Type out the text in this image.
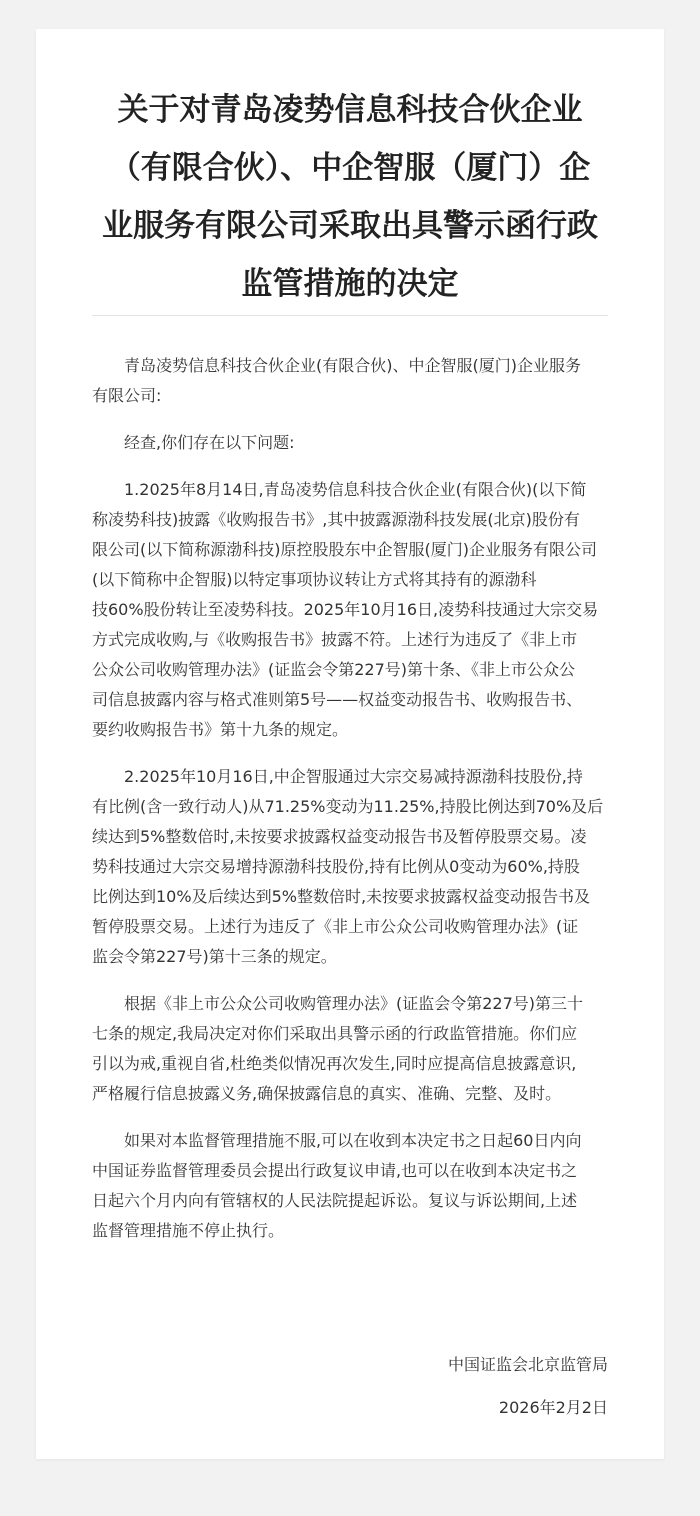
关于对青岛凌势信息科技合伙企业
（有限合伙）、中企智服（厦门）企
业服务有限公司采取出具警示函行政
监管措施的决定

青岛凌势信息科技合伙企业(有限合伙)、中企智服(厦门)企业服务
有限公司:

经查,你们存在以下问题:

1.2025年8月14日,青岛凌势信息科技合伙企业(有限合伙)(以下简
称凌势科技)披露《收购报告书》,其中披露源渤科技发展(北京)股份有
限公司(以下简称源渤科技)原控股股东中企智服(厦门)企业服务有限公司
(以下简称中企智服)以特定事项协议转让方式将其持有的源渤科
技60%股份转让至凌势科技。2025年10月16日,凌势科技通过大宗交易
方式完成收购,与《收购报告书》披露不符。上述行为违反了《非上市
公众公司收购管理办法》(证监会令第227号)第十条、《非上市公众公
司信息披露内容与格式准则第5号——权益变动报告书、收购报告书、
要约收购报告书》第十九条的规定。

2.2025年10月16日,中企智服通过大宗交易减持源渤科技股份,持
有比例(含一致行动人)从71.25%变动为11.25%,持股比例达到70%及后
续达到5%整数倍时,未按要求披露权益变动报告书及暂停股票交易。凌
势科技通过大宗交易增持源渤科技股份,持有比例从0变动为60%,持股
比例达到10%及后续达到5%整数倍时,未按要求披露权益变动报告书及
暂停股票交易。上述行为违反了《非上市公众公司收购管理办法》(证
监会令第227号)第十三条的规定。

根据《非上市公众公司收购管理办法》(证监会令第227号)第三十
七条的规定,我局决定对你们采取出具警示函的行政监管措施。你们应
引以为戒,重视自省,杜绝类似情况再次发生,同时应提高信息披露意识,
严格履行信息披露义务,确保披露信息的真实、准确、完整、及时。

如果对本监督管理措施不服,可以在收到本决定书之日起60日内向
中国证券监督管理委员会提出行政复议申请,也可以在收到本决定书之
日起六个月内向有管辖权的人民法院提起诉讼。复议与诉讼期间,上述
监督管理措施不停止执行。

中国证监会北京监管局
2026年2月2日
